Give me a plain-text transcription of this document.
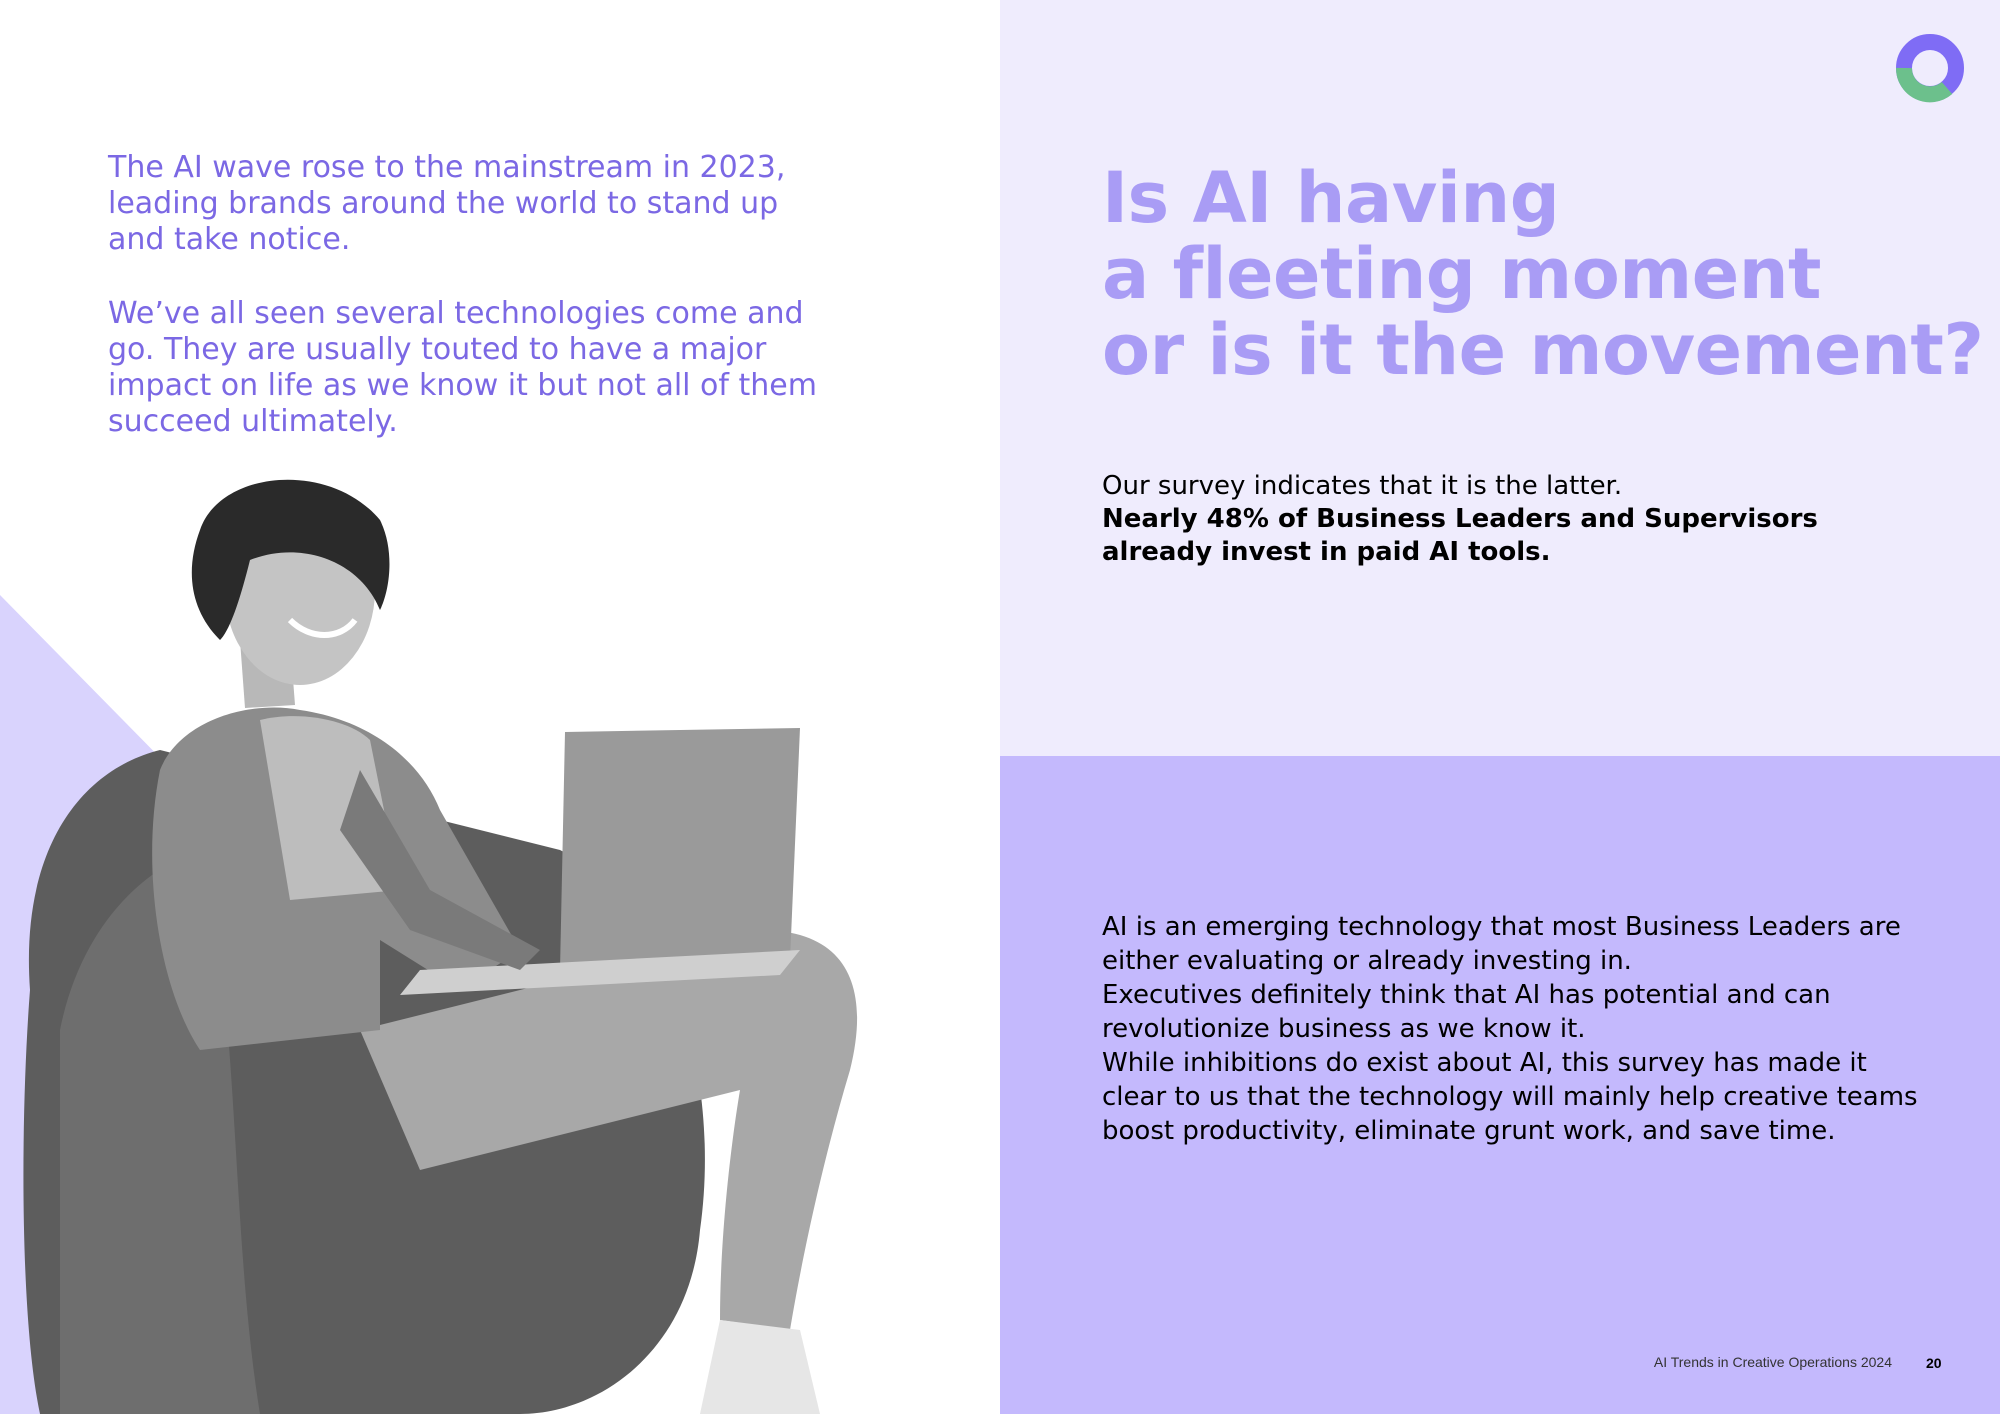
The AI wave rose to the mainstream in 2023, leading brands around the world to stand up and take notice.

We’ve all seen several technologies come and go. They are usually touted to have a major impact on life as we know it but not all of them succeed ultimately.

Is AI having
a fleeting moment
or is it the movement?
Our survey indicates that it is the latter.
Nearly 48% of Business Leaders and Supervisors already invest in paid AI tools.

AI is an emerging technology that most Business Leaders are either evaluating or already investing in.

Executives definitely think that AI has potential and can revolutionize business as we know it.

While inhibitions do exist about AI, this survey has made it clear to us that the technology will mainly help creative teams boost productivity, eliminate grunt work, and save time.

AI Trends in Creative Operations 2024 20
